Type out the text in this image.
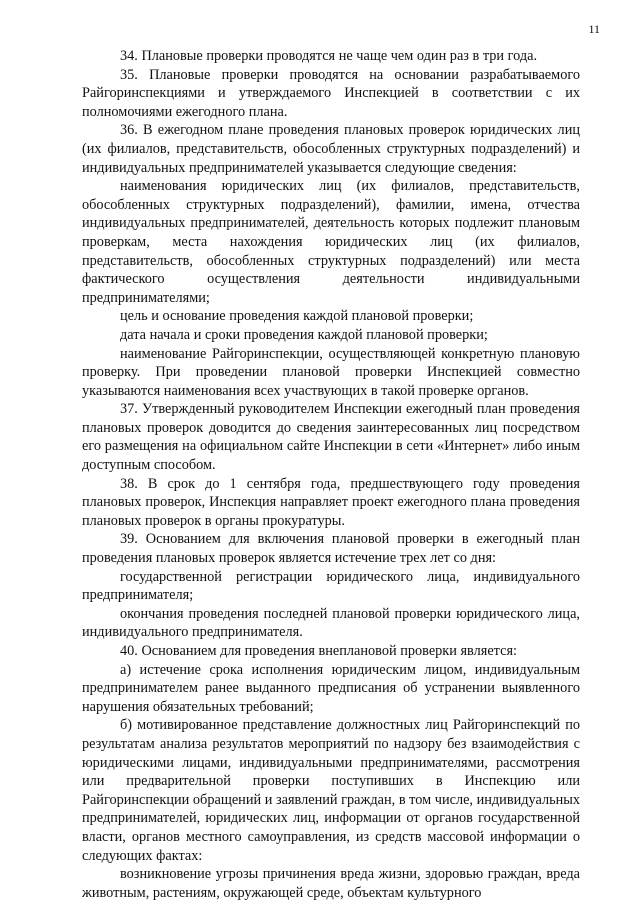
11

34. Плановые проверки проводятся не чаще чем один раз в три года.

35. Плановые проверки проводятся на основании разрабатываемого Райгоринспекциями и утверждаемого Инспекцией в соответствии с их полномочиями ежегодного плана.

36. В ежегодном плане проведения плановых проверок юридических лиц (их филиалов, представительств, обособленных структурных подразделений) и индивидуальных предпринимателей указывается следующие сведения:

наименования юридических лиц (их филиалов, представительств, обособленных структурных подразделений), фамилии, имена, отчества индивидуальных предпринимателей, деятельность которых подлежит плановым проверкам, места нахождения юридических лиц (их филиалов, представительств, обособленных структурных подразделений) или места фактического осуществления деятельности индивидуальными предпринимателями;

цель и основание проведения каждой плановой проверки;

дата начала и сроки проведения каждой плановой проверки;

наименование Райгоринспекции, осуществляющей конкретную плановую проверку. При проведении плановой проверки Инспекцией совместно указываются наименования всех участвующих в такой проверке органов.

37. Утвержденный руководителем Инспекции ежегодный план проведения плановых проверок доводится до сведения заинтересованных лиц посредством его размещения на официальном сайте Инспекции в сети «Интернет» либо иным доступным способом.

38. В срок до 1 сентября года, предшествующего году проведения плановых проверок, Инспекция направляет проект ежегодного плана проведения плановых проверок в органы прокуратуры.

39. Основанием для включения плановой проверки в ежегодный план проведения плановых проверок является истечение трех лет со дня:

государственной регистрации юридического лица, индивидуального предпринимателя;

окончания проведения последней плановой проверки юридического лица, индивидуального предпринимателя.

40. Основанием для проведения внеплановой проверки является:

а) истечение срока исполнения юридическим лицом, индивидуальным предпринимателем ранее выданного предписания об устранении выявленного нарушения обязательных требований;

б) мотивированное представление должностных лиц Райгоринспекций по результатам анализа результатов мероприятий по надзору без взаимодействия с юридическими лицами, индивидуальными предпринимателями, рассмотрения или предварительной проверки поступивших в Инспекцию или Райгоринспекции обращений и заявлений граждан, в том числе, индивидуальных предпринимателей, юридических лиц, информации от органов государственной власти, органов местного самоуправления, из средств массовой информации о следующих фактах:

возникновение угрозы причинения вреда жизни, здоровью граждан, вреда животным, растениям, окружающей среде, объектам культурного
